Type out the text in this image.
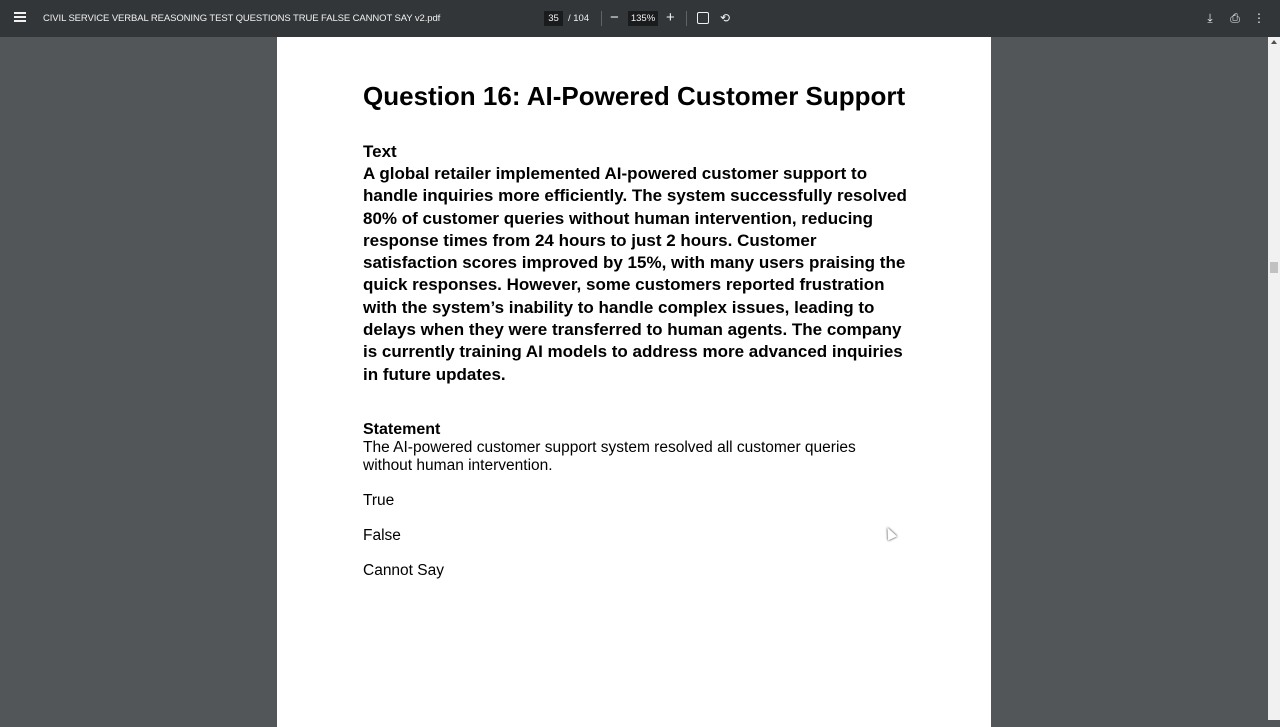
CIVIL SERVICE VERBAL REASONING TEST QUESTIONS TRUE FALSE CANNOT SAY v2.pdf	35 / 104 − 135% +	⟲	⤓	⎙ ⋮
Question 16: AI-Powered Customer Support
Text
A global retailer implemented AI-powered customer support to handle inquiries more efficiently. The system successfully resolved 80% of customer queries without human intervention, reducing response times from 24 hours to just 2 hours. Customer satisfaction scores improved by 15%, with many users praising the quick responses. However, some customers reported frustration with the system’s inability to handle complex issues, leading to delays when they were transferred to human agents. The company is currently training AI models to address more advanced inquiries in future updates.
Statement
The AI-powered customer support system resolved all customer queries without human intervention.
True
False
Cannot Say
